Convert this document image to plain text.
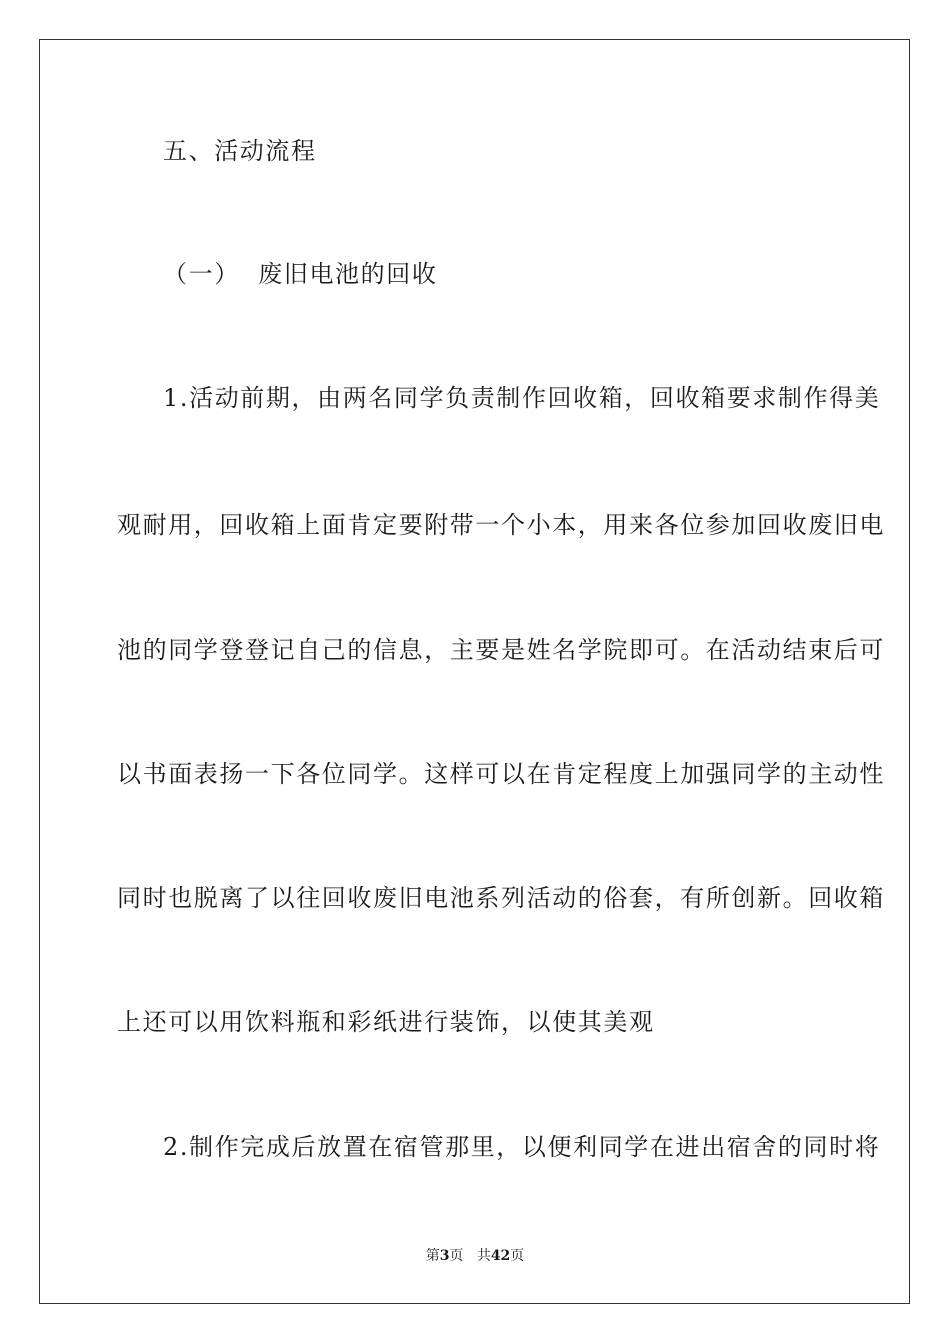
五、活动流程
（一）  废旧电池的回收
1.活动前期，由两名同学负责制作回收箱，回收箱要求制作得美
观耐用，回收箱上面肯定要附带一个小本，用来各位参加回收废旧电
池的同学登登记自己的信息，主要是姓名学院即可。在活动结束后可
以书面表扬一下各位同学。这样可以在肯定程度上加强同学的主动性
同时也脱离了以往回收废旧电池系列活动的俗套，有所创新。回收箱
上还可以用饮料瓶和彩纸进行装饰，以使其美观
2.制作完成后放置在宿管那里，以便利同学在进出宿舍的同时将
第3页 共42页
